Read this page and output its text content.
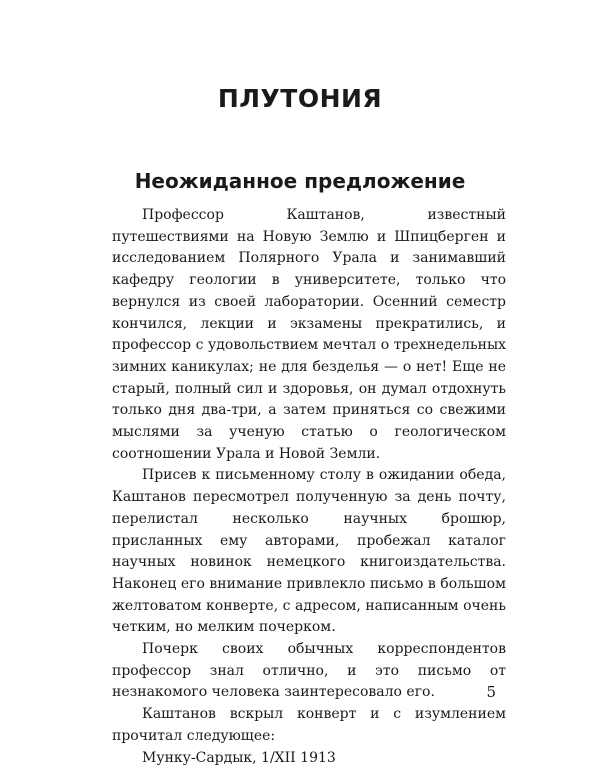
ПЛУТОНИЯ
Неожиданное предложение

Профессор Каштанов, известный путешествиями на Новую Землю и Шпицберген и исследованием Полярного Урала и занимавший кафедру геологии в университете, только что вернулся из своей лаборатории. Осенний семестр кончился, лекции и экзамены прекратились, и профессор с удовольствием мечтал о трехнедельных зимних каникулах; не для безделья — о нет! Еще не старый, полный сил и здоровья, он думал отдохнуть только дня два-три, а затем приняться со свежими мыслями за ученую статью о геологическом соотношении Урала и Новой Земли.

Присев к письменному столу в ожидании обеда, Каштанов пересмотрел полученную за день почту, перелистал несколько научных брошюр, присланных ему авторами, пробежал каталог научных новинок немецкого книгоиздательства. Наконец его внимание привлекло письмо в большом желтоватом конверте, с адресом, написанным очень четким, но мелким почерком.

Почерк своих обычных корреспондентов профессор знал отлично, и это письмо от незнакомого человека заинтересовало его.

Каштанов вскрыл конверт и с изумлением прочитал следующее:

Мунку-Сардык, 1/XII 1913

5
